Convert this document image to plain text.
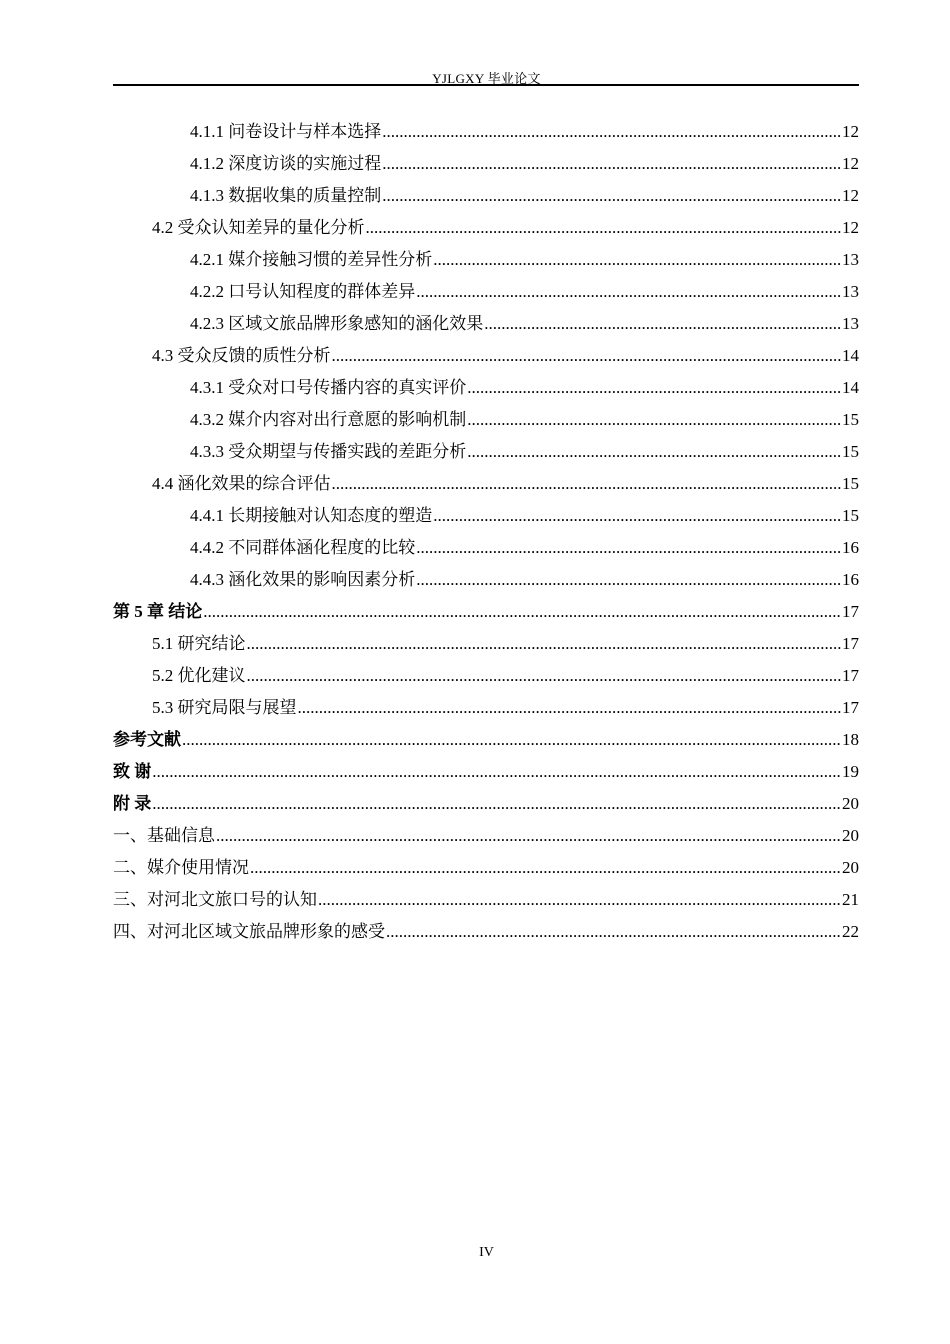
YJLGXY 毕业论文
4.1.1 问卷设计与样本选择 .....	12
4.1.2 深度访谈的实施过程 .....	12
4.1.3 数据收集的质量控制 .....	12
4.2 受众认知差异的量化分析 .....	12
4.2.1 媒介接触习惯的差异性分析 .....	13
4.2.2 口号认知程度的群体差异 .....	13
4.2.3 区域文旅品牌形象感知的涵化效果 .....	13
4.3 受众反馈的质性分析 .....	14
4.3.1 受众对口号传播内容的真实评价 .....	14
4.3.2 媒介内容对出行意愿的影响机制 .....	15
4.3.3 受众期望与传播实践的差距分析 .....	15
4.4 涵化效果的综合评估 .....	15
4.4.1 长期接触对认知态度的塑造 .....	15
4.4.2 不同群体涵化程度的比较 .....	16
4.4.3 涵化效果的影响因素分析 .....	16
第 5 章 结论 .....	17
5.1 研究结论 .....	17
5.2 优化建议 .....	17
5.3 研究局限与展望 .....	17
参考文献 .....	18
致 谢 .....	19
附 录 .....	20
一、基础信息 .....	20
二、媒介使用情况 .....	20
三、对河北文旅口号的认知 .....	21
四、对河北区域文旅品牌形象的感受 .....	22
IV
